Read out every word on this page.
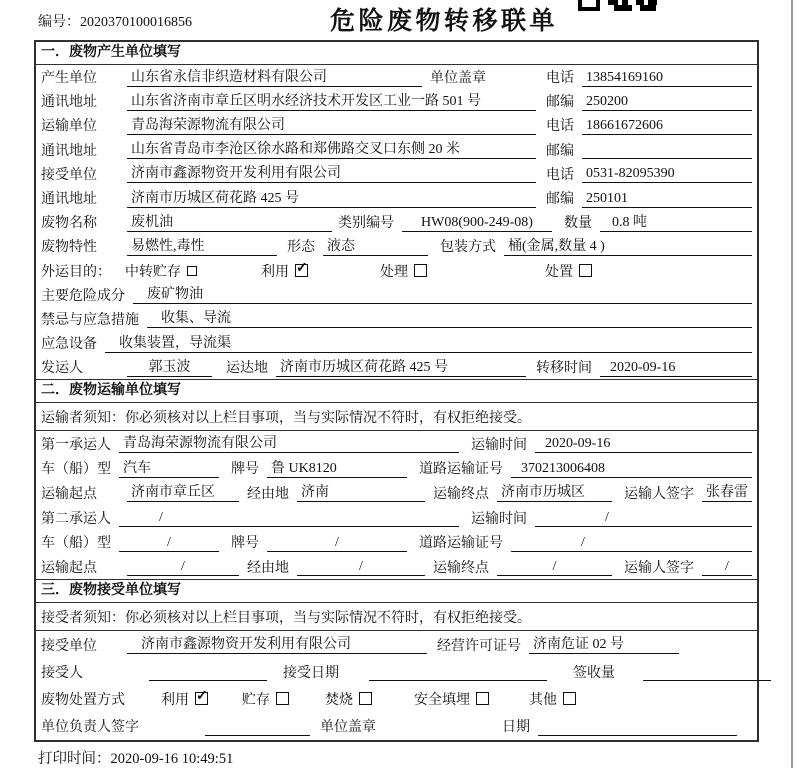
编号：2020370100016856	危险废物转移联单
一．废物产生单位填写
产生单位	山东省永信非织造材料有限公司	单位盖章	电话 13854169160
通讯地址	山东省济南市章丘区明水经济技术开发区工业一路 501 号	邮编 250200
运输单位	青岛海荣源物流有限公司	电话 18661672606
通讯地址	山东省青岛市李沧区徐水路和郑佛路交叉口东侧 20 米	邮编
接受单位	济南市鑫源物资开发利用有限公司	电话 0531-82095390
通讯地址	济南市历城区荷花路 425 号	邮编 250101
废物名称	废机油	类别编号	HW08(900-249-08)	数量	0.8 吨
废物特性	易燃性,毒性	形态 液态	包装方式 桶(金属,数量 4 )
外运目的： 中转贮存	利用 ✓	处理	处置
主要危险成分	废矿物油
禁忌与应急措施	收集、导流
应急设备	收集装置，导流渠
发运人	郭玉波	运达地 济南市历城区荷花路 425 号	转移时间	2020-09-16
二．废物运输单位填写
运输者须知：你必须核对以上栏目事项，当与实际情况不符时，有权拒绝接受。
第一承运人 青岛海荣源物流有限公司	运输时间	2020-09-16
车（船）型 汽车	牌号 鲁 UK8120	道路运输证号	370213006408
运输起点	济南市章丘区	经由地 济南	运输终点 济南市历城区	运输人签字 张春雷
第二承运人	/	运输时间	/
车（船）型	/	牌号	/	道路运输证号	/
运输起点	/	经由地	/	运输终点	/	运输人签字	/
三．废物接受单位填写
接受者须知：你必须核对以上栏目事项，当与实际情况不符时，有权拒绝接受。
接受单位	济南市鑫源物资开发利用有限公司	经营许可证号 济南危证 02 号
接受人	接受日期	签收量
废物处置方式	利用 ✓	贮存	焚烧	安全填埋	其他
单位负责人签字	单位盖章	日期
打印时间：2020-09-16 10:49:51
